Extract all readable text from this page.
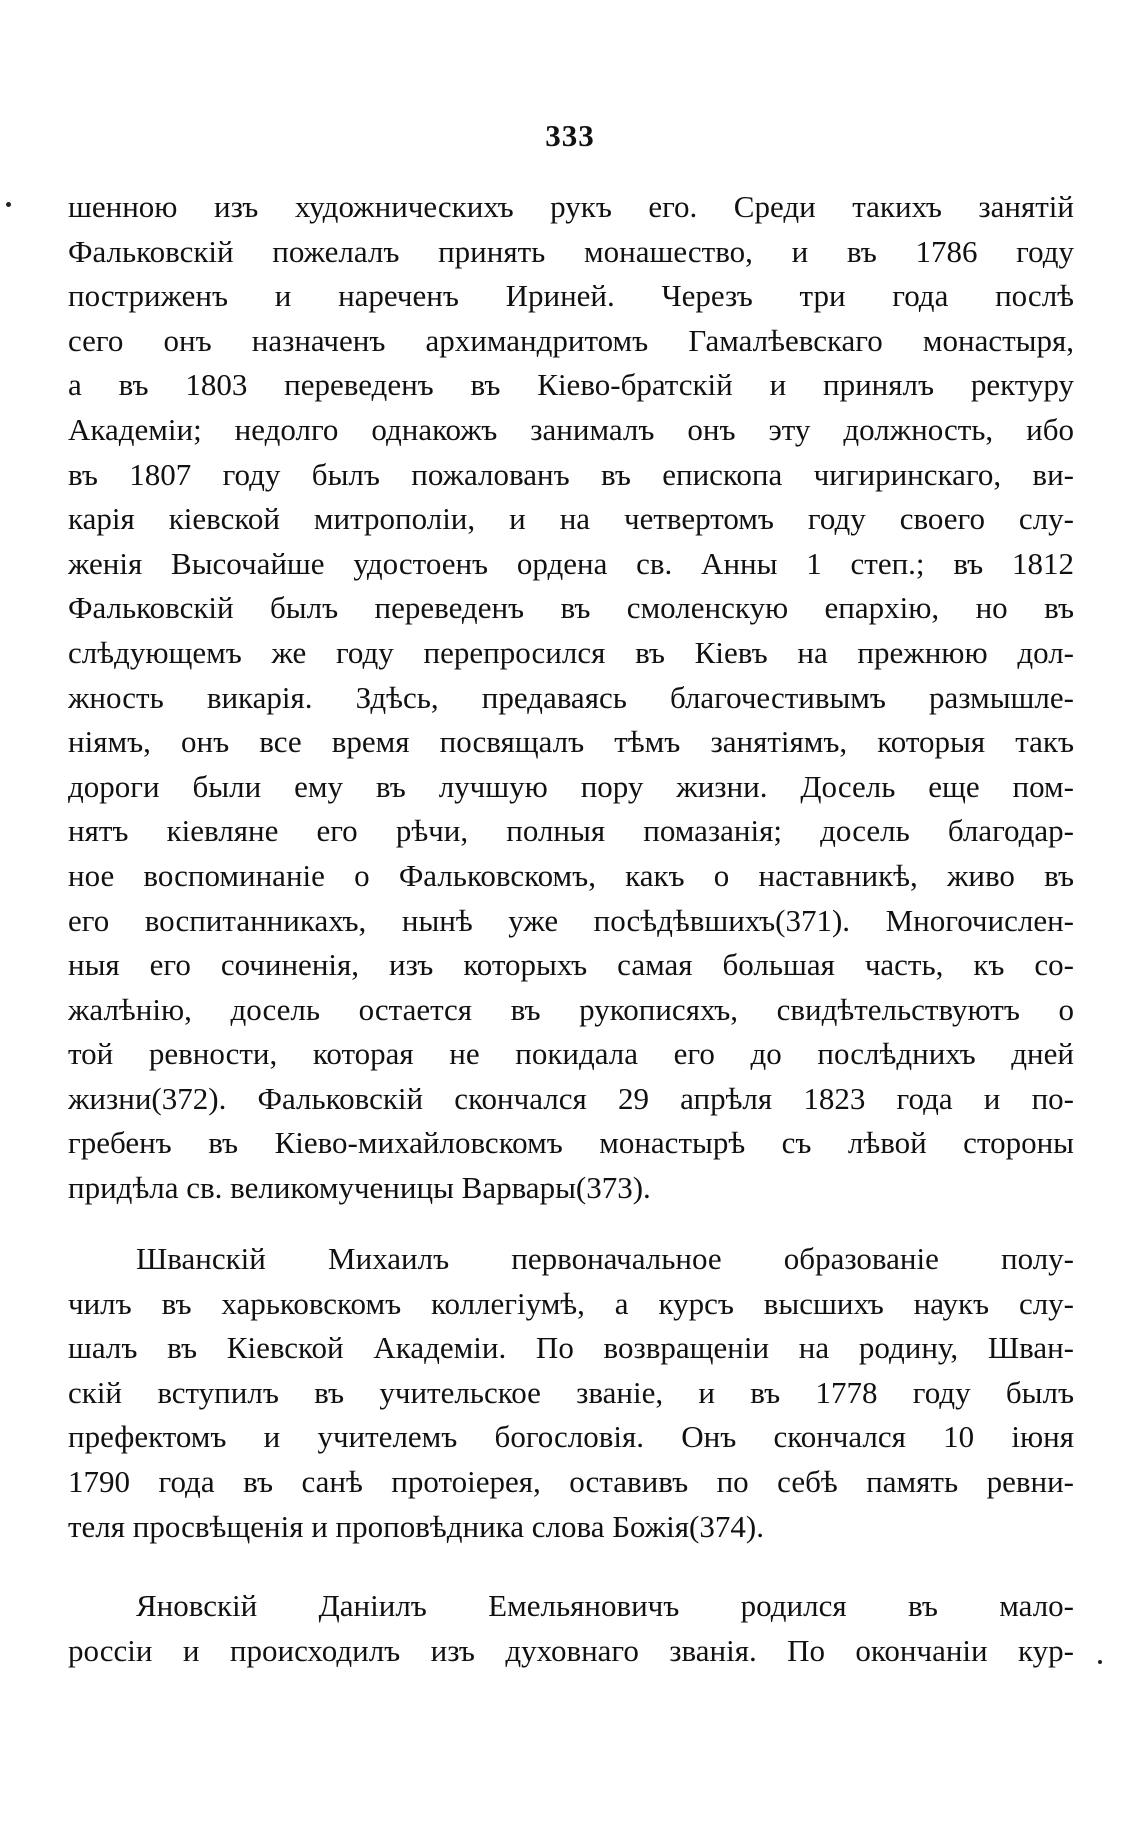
333
шенною изъ художническихъ рукъ его. Среди такихъ занятій
Фальковскій пожелалъ принять монашество, и въ 1786 году
постриженъ и нареченъ Ириней. Черезъ три года послѣ
сего онъ назначенъ архимандритомъ Гамалѣевскаго монастыря,
а въ 1803 переведенъ въ Кіево-братскій и принялъ ректуру
Академіи; недолго однакожъ занималъ онъ эту должность, ибо
въ 1807 году былъ пожалованъ въ епископа чигиринскаго, ви-
карія кіевской митрополіи, и на четвертомъ году своего слу-
женія Высочайше удостоенъ ордена св. Анны 1 степ.; въ 1812
Фальковскій былъ переведенъ въ смоленскую епархію, но въ
слѣдующемъ же году перепросился въ Кіевъ на прежнюю дол-
жность викарія. Здѣсь, предаваясь благочестивымъ размышле-
ніямъ, онъ все время посвящалъ тѣмъ занятіямъ, которыя такъ
дороги были ему въ лучшую пору жизни. Досель еще пом-
нятъ кіевляне его рѣчи, полныя помазанія; досель благодар-
ное воспоминаніе о Фальковскомъ, какъ о наставникѣ, живо въ
его воспитанникахъ, нынѣ уже посѣдѣвшихъ(371). Многочислен-
ныя его сочиненія, изъ которыхъ самая большая часть, къ со-
жалѣнію, досель остается въ рукописяхъ, свидѣтельствуютъ о
той ревности, которая не покидала его до послѣднихъ дней
жизни(372). Фальковскій скончался 29 апрѣля 1823 года и по-
гребенъ въ Кіево-михайловскомъ монастырѣ съ лѣвой стороны
придѣла св. великомученицы Варвары(373).
Шванскій Михаилъ первоначальное образованіе полу-
чилъ въ харьковскомъ коллегіумѣ, а курсъ высшихъ наукъ слу-
шалъ въ Кіевской Академіи. По возвращеніи на родину, Шван-
скій вступилъ въ учительское званіе, и въ 1778 году былъ
префектомъ и учителемъ богословія. Онъ скончался 10 іюня
1790 года въ санѣ протоіерея, оставивъ по себѣ память ревни-
теля просвѣщенія и проповѣдника слова Божія(374).
Яновскій Даніилъ Емельяновичъ родился въ мало-
россіи и происходилъ изъ духовнаго званія. По окончаніи кур-
